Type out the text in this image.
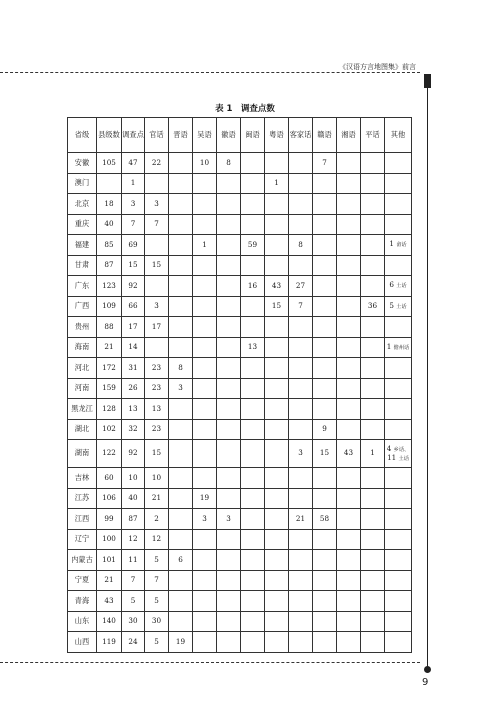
《汉语方言地图集》前言
表 1　调查点数
省级	县级数	调查点	官话	晋语	吴语	徽语	闽语	粤语	客家话	赣语	湘语	平话	其他
安徽	105	47	22		10	8				7			
澳门		1						1					
北京	18	3	3										
重庆	40	7	7										
福建	85	69			1		59		8				1 畲话
甘肃	87	15	15										
广东	123	92					16	43	27				6 土话
广西	109	66	3					15	7			36	5 土话
贵州	88	17	17										
海南	21	14					13						1 儋州话
河北	172	31	23	8									
河南	159	26	23	3									
黑龙江	128	13	13										
湖北	102	32	23							9			
湖南	122	92	15						3	15	43	1	4 乡话、
11 土话
吉林	60	10	10										
江苏	106	40	21		19								
江西	99	87	2		3	3			21	58			
辽宁	100	12	12										
内蒙古	101	11	5	6									
宁夏	21	7	7										
青海	43	5	5										
山东	140	30	30										
山西	119	24	5	19									
9
